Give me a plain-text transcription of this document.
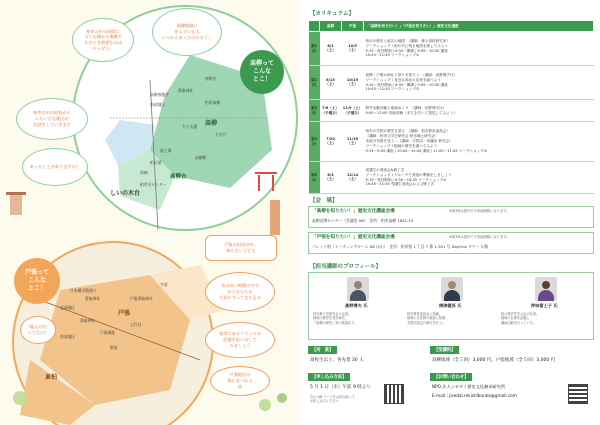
柏市の中の同時に
今との縁かる地域で
そのとき重要なのは
やっぱり…
高柳地域に
住んでいる人
いつからあったのだろう…
柏市の中は何処から
いろいろな地区が
お話をしていきます
あったことがありますか？
高柳って
こんな
とこ！
神明社
香取神社
高柳善龍寺
南部地区	柏市高柳
高柳
大井戸
大六天通
富士塚
高柳駅
柏の葉
南端
高柳台
柏市民センター
しいの木台
戸張の田田の中…
知らない子ども
戸張って
こんな
とこ！	昔の長い時間の中で
おとなたちが
大切に守ってきたもの
柏市にあるフランスの
記憶を思い出して
みましょう
「地元の名」
ってなに？
戸張地区の
街にまつわる
話
日本橋学館通り
香取神社
戸張
北部地区
戸張香取神社
香取神社
南部地区
戸張城址
玉竹社
駅前
寺前
東柏
【カリキュラム】
	高柳	戸張	「高柳を知りたい！」「戸張を知りたい！」歴史文化講座
第1回	6/1
（土）	10/5
（土）	柏市の歴史と地名の地図　（講師：郷土資料研究家）
ワークショップ / 街の中に残る地図を探してみよう
9:15〜受付開始 / 9:30〜開講 / 9:45〜10:30 講座
10:45〜11:45 ワークショップ①
第2回	6/15
（土）	10/19
（土）	高柳・戸張の神社と祭りを知ろう　（講師：高野博夫氏）
ワークショップ / 身近な神社の由来を調べよう
9:15〜受付開始 / 9:30〜開講 / 9:45〜10:30 講座
10:45〜11:45 ワークショップ②
第3回	7/6（土）
（予備日）	11/9（土）
（予備日）	野外活動体験と地域めぐり　（講師：岩野博夫氏）
9:00〜12:00 実地体験（まちを歩いて発見してみよう）
第4回	7/20
（土）	11/30
（土）	柏市の学校の歴史を語る　（講師：柏市教育委員会）
（講師：柏市文学史研究会 柏市郷土研究会）
本地分布図を見て…（講師：手賀沼・印旛沼 研究会）
ワークショップ / 地域の歴史を調べてみよう
9:15〜9:45 講座 / 10:00〜10:45 講座 / 11:00〜11:45 ワークショップ③
第5回	8/3
（土）	12/14
（土）	受講生の発表会&修了式
ワークショップ / グループで発表の準備をしましょう
9:15〜受付開始 / 9:30〜10:45 ワークショップ④
10:45〜11:45 受講生発表会および修了式
【会　場】
「高柳を知りたい！」歴史文化講座会場	※第3回は屋外での実地研修になります。
高柳近隣センター（会議室 AB）　住所：柏市高柳 1652-10
「戸張を知りたい！」歴史文化講座会場	※第3回は屋外での実地研修になります。
パレット柏（ミーティングルーム AB ほか）　住所：柏市柏 1 丁目 7 番 1-301 号 DayOne タワー 3 階
【担当講師のプロフィール】
高野博夫 氏
柏市郷土史研究会の会員。
地域の歴史を長年研究。
『高柳の歴史』等の著書あり。
梅津健吾 氏
柏市教育委員会に所属。
地域の文化財の調査に従事。
手賀沼周辺の研究を行う。
押味富士子 氏
柏の歴史を学ぶ会の代表。
地域の伝承を記録し
講演活動を行っている。
【対　象】
高校生以上、各先着 30 人
【受講料】
高柳地域（全５回）3,000 円、戸張地域（全５回）3,000 円
【申し込み方法】
5 月 1 日（水）午前 9 時より
右の QR コードをお読み取って
お申し込みください
【お問い合わせ】
NPO 法人シゼダイ歴史文化継承研究所
E-mail : jisedai.rekishibunka@gmail.com
